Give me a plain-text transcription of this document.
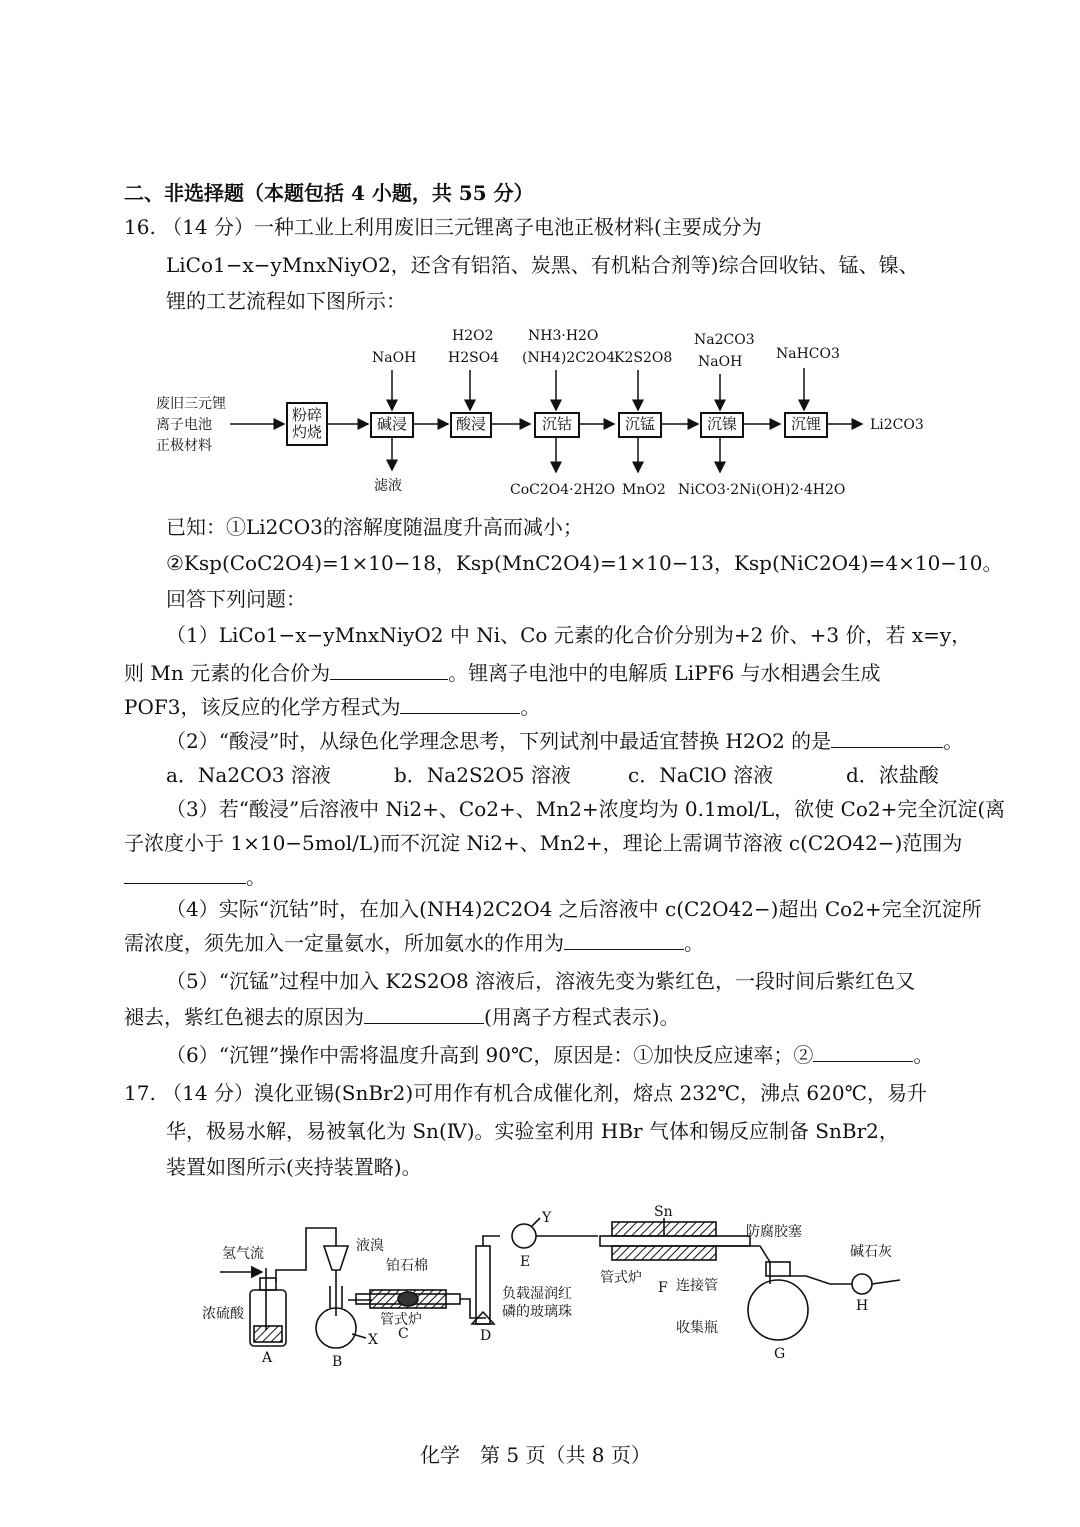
二、非选择题（本题包括 4 小题，共 55 分）
16. （14 分）一种工业上利用废旧三元锂离子电池正极材料(主要成分为
LiCo1−x−yMnxNiyO2，还含有铝箔、炭黑、有机粘合剂等)综合回收钴、锰、镍、
锂的工艺流程如下图所示：
废旧三元锂
离子电池
正极材料
粉碎
灼烧	碱浸	酸浸	沉钴	沉锰	沉镍	沉锂
NaOH
H2O2
H2SO4
NH3·H2O
(NH4)2C2O4
K2S2O8
Na2CO3
NaOH NaHCO3
滤液	CoC2O4·2H2O MnO2 NiCO3·2Ni(OH)2·4H2O
Li2CO3
已知：①Li2CO3的溶解度随温度升高而减小；
②Ksp(CoC2O4)=1×10−18，Ksp(MnC2O4)=1×10−13，Ksp(NiC2O4)=4×10−10。
回答下列问题：
（1）LiCo1−x−yMnxNiyO2 中 Ni、Co 元素的化合价分别为+2 价、+3 价，若 x=y，
则 Mn 元素的化合价为	。锂离子电池中的电解质 LiPF6 与水相遇会生成
POF3，该反应的化学方程式为	。
（2）“酸浸”时，从绿色化学理念思考，下列试剂中最适宜替换 H2O2 的是	。
a．Na2CO3 溶液	b．Na2S2O5 溶液	c．NaClO 溶液	d．浓盐酸
（3）若“酸浸”后溶液中 Ni2+、Co2+、Mn2+浓度均为 0.1mol/L，欲使 Co2+完全沉淀(离
子浓度小于 1×10−5mol/L)而不沉淀 Ni2+、Mn2+，理论上需调节溶液 c(C2O42−)范围为
。
（4）实际“沉钴”时，在加入(NH4)2C2O4 之后溶液中 c(C2O42−)超出 Co2+完全沉淀所
需浓度，须先加入一定量氨水，所加氨水的作用为	。
（5）“沉锰”过程中加入 K2S2O8 溶液后，溶液先变为紫红色，一段时间后紫红色又
褪去，紫红色褪去的原因为	(用离子方程式表示)。
（6）“沉锂”操作中需将温度升高到 90℃，原因是：①加快反应速率；②	。
17. （14 分）溴化亚锡(SnBr2)可用作有机合成催化剂，熔点 232℃，沸点 620℃，易升
华，极易水解，易被氧化为 Sn(Ⅳ)。实验室利用 HBr 气体和锡反应制备 SnBr2，
装置如图所示(夹持装置略)。
氢气流
浓硫酸
液溴
铂石棉
管式炉
负载湿润红
磷的玻璃珠
Sn
管式炉
防腐胶塞
连接管
收集瓶
碱石灰
A	B
C	D
E
F
G
H
X
Y
化学　第 5 页（共 8 页）
